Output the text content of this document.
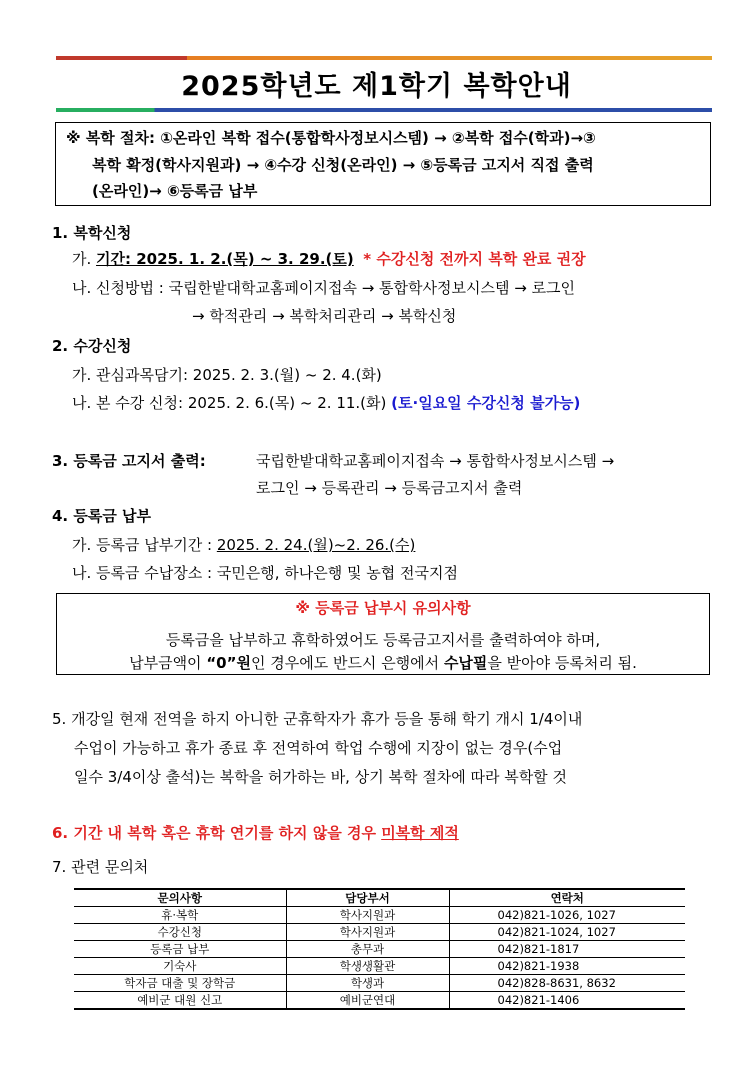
2025학년도 제1학기 복학안내
※ 복학 절차: ①온라인 복학 접수(통합학사정보시스템) → ②복학 접수(학과)→③
복학 확정(학사지원과) → ④수강 신청(온라인) → ⑤등록금 고지서 직접 출력
(온라인)→ ⑥등록금 납부
1. 복학신청
가. 기간: 2025. 1. 2.(목) ~ 3. 29.(토) * 수강신청 전까지 복학 완료 권장
나. 신청방법 : 국립한밭대학교홈페이지접속 → 통합학사정보시스템 → 로그인
→ 학적관리 → 복학처리관리 → 복학신청
2. 수강신청
가. 관심과목담기: 2025. 2. 3.(월) ~ 2. 4.(화)
나. 본 수강 신청: 2025. 2. 6.(목) ~ 2. 11.(화) (토·일요일 수강신청 불가능)
3. 등록금 고지서 출력:	국립한밭대학교홈페이지접속 → 통합학사정보시스템 →
로그인 → 등록관리 → 등록금고지서 출력
4. 등록금 납부
가. 등록금 납부기간 : 2025. 2. 24.(월)~2. 26.(수)
나. 등록금 수납장소 : 국민은행, 하나은행 및 농협 전국지점
※ 등록금 납부시 유의사항
등록금을 납부하고 휴학하였어도 등록금고지서를 출력하여야 하며,
납부금액이 “0”원인 경우에도 반드시 은행에서 수납필을 받아야 등록처리 됨.
5. 개강일 현재 전역을 하지 아니한 군휴학자가 휴가 등을 통해 학기 개시 1/4이내
수업이 가능하고 휴가 종료 후 전역하여 학업 수행에 지장이 없는 경우(수업
일수 3/4이상 출석)는 복학을 허가하는 바, 상기 복학 절차에 따라 복학할 것
6. 기간 내 복학 혹은 휴학 연기를 하지 않을 경우 미복학 제적
7. 관련 문의처
문의사항	담당부서	연락처
휴·복학	학사지원과	042)821-1026, 1027
수강신청	학사지원과	042)821-1024, 1027
등록금 납부	총무과	042)821-1817
기숙사	학생생활관	042)821-1938
학자금 대출 및 장학금	학생과	042)828-8631, 8632
예비군 대원 신고	예비군연대	042)821-1406
